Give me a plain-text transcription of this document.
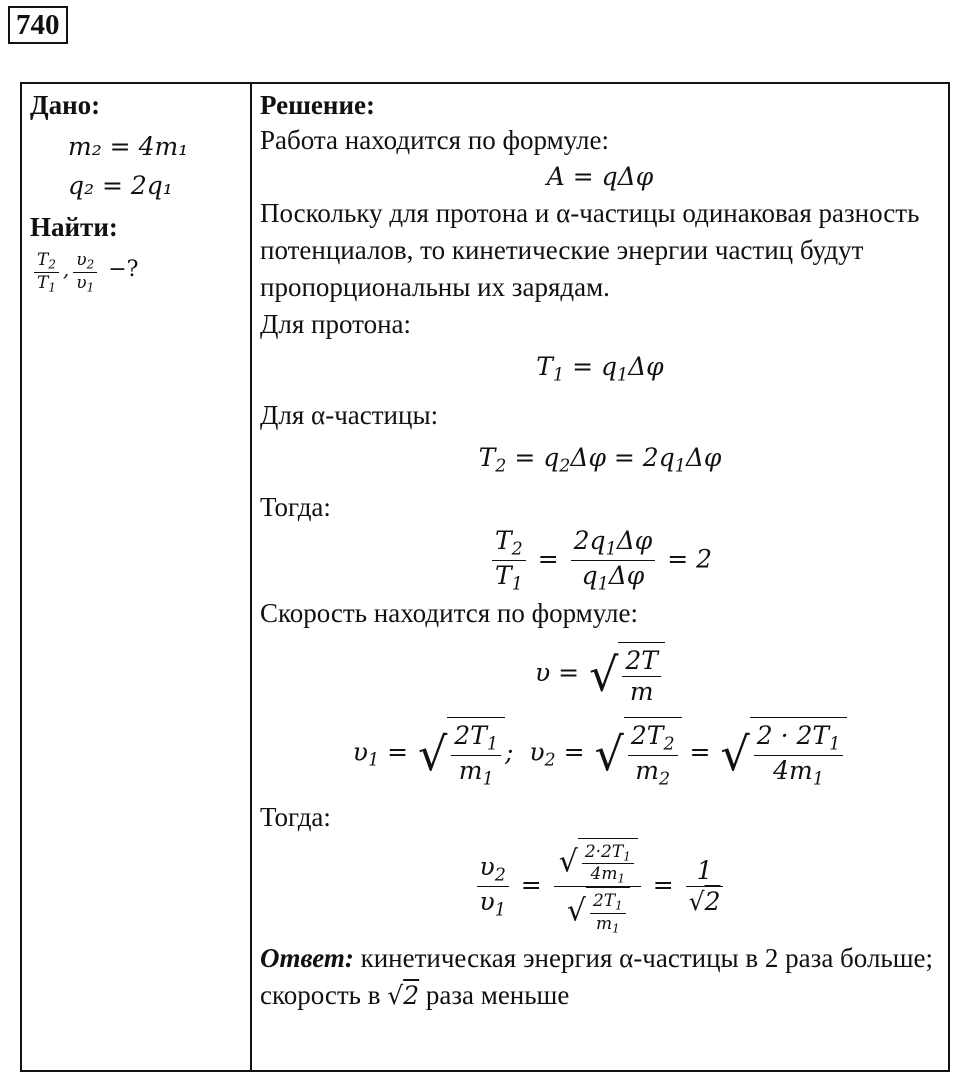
740
Дано:
m₂ = 4m₁
q₂ = 2q₁
Найти:
$\frac{T_2}{T_1}$ , $\frac{\upsilon_2}{\upsilon_1}$ −?

Решение:
Работа находится по формуле:
A = qΔφ
Поскольку для протона и α-частицы одинаковая разность потенциалов, то кинетические энергии частиц будут пропорциональны их зарядам.
Для протона:
$T_1 = q_1\Delta\varphi$
Для α-частицы:
$T_2 = q_2\Delta\varphi = 2q_1\Delta\varphi$
Тогда:
$\frac{T_2}{T_1} = \frac{2q_1\Delta\varphi}{q_1\Delta\varphi} = 2$
Скорость находится по формуле:
υ = √ $\frac{2T}{m}$
$\upsilon_1$ = √ $\frac{2T_1}{m_1}$ ;  $\upsilon_2$ = √ $\frac{2T_2}{m_2}$ = √ $\frac{2 \cdot 2T_1}{4m_1}$
Тогда:
$\frac{\upsilon_2}{\upsilon_1} = \frac{√ \frac{2\cdot 2T_1}{4m_1}}{√ \frac{2T_1}{m_1}} = \frac{1}{√2}$
Ответ: кинетическая энергия α-частицы в 2 раза больше; скорость в √2 раза меньше
